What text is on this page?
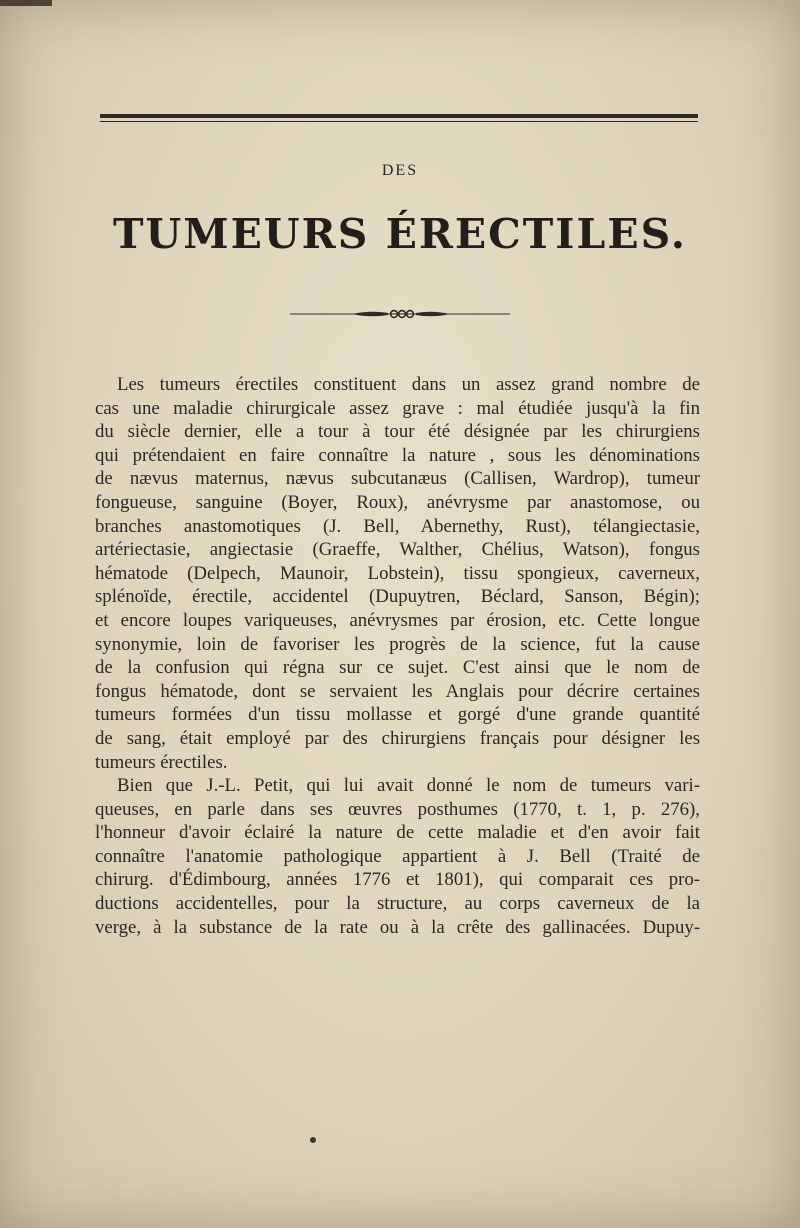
DES
TUMEURS ÉRECTILES.
Les tumeurs érectiles constituent dans un assez grand nombre de
cas une maladie chirurgicale assez grave : mal étudiée jusqu'à la fin
du siècle dernier, elle a tour à tour été désignée par les chirurgiens
qui prétendaient en faire connaître la nature , sous les dénominations
de nævus maternus, nævus subcutanæus (Callisen, Wardrop), tumeur
fongueuse, sanguine (Boyer, Roux), anévrysme par anastomose, ou
branches anastomotiques (J. Bell, Abernethy, Rust), télangiectasie,
artériectasie, angiectasie (Graeffe, Walther, Chélius, Watson), fongus
hématode (Delpech, Maunoir, Lobstein), tissu spongieux, caverneux,
splénoïde, érectile, accidentel (Dupuytren, Béclard, Sanson, Bégin);
et encore loupes variqueuses, anévrysmes par érosion, etc. Cette longue
synonymie, loin de favoriser les progrès de la science, fut la cause
de la confusion qui régna sur ce sujet. C'est ainsi que le nom de
fongus hématode, dont se servaient les Anglais pour décrire certaines
tumeurs formées d'un tissu mollasse et gorgé d'une grande quantité
de sang, était employé par des chirurgiens français pour désigner les
tumeurs érectiles.
Bien que J.-L. Petit, qui lui avait donné le nom de tumeurs vari-
queuses, en parle dans ses œuvres posthumes (1770, t. 1, p. 276),
l'honneur d'avoir éclairé la nature de cette maladie et d'en avoir fait
connaître l'anatomie pathologique appartient à J. Bell (Traité de
chirurg. d'Édimbourg, années 1776 et 1801), qui comparait ces pro-
ductions accidentelles, pour la structure, au corps caverneux de la
verge, à la substance de la rate ou à la crête des gallinacées. Dupuy-
